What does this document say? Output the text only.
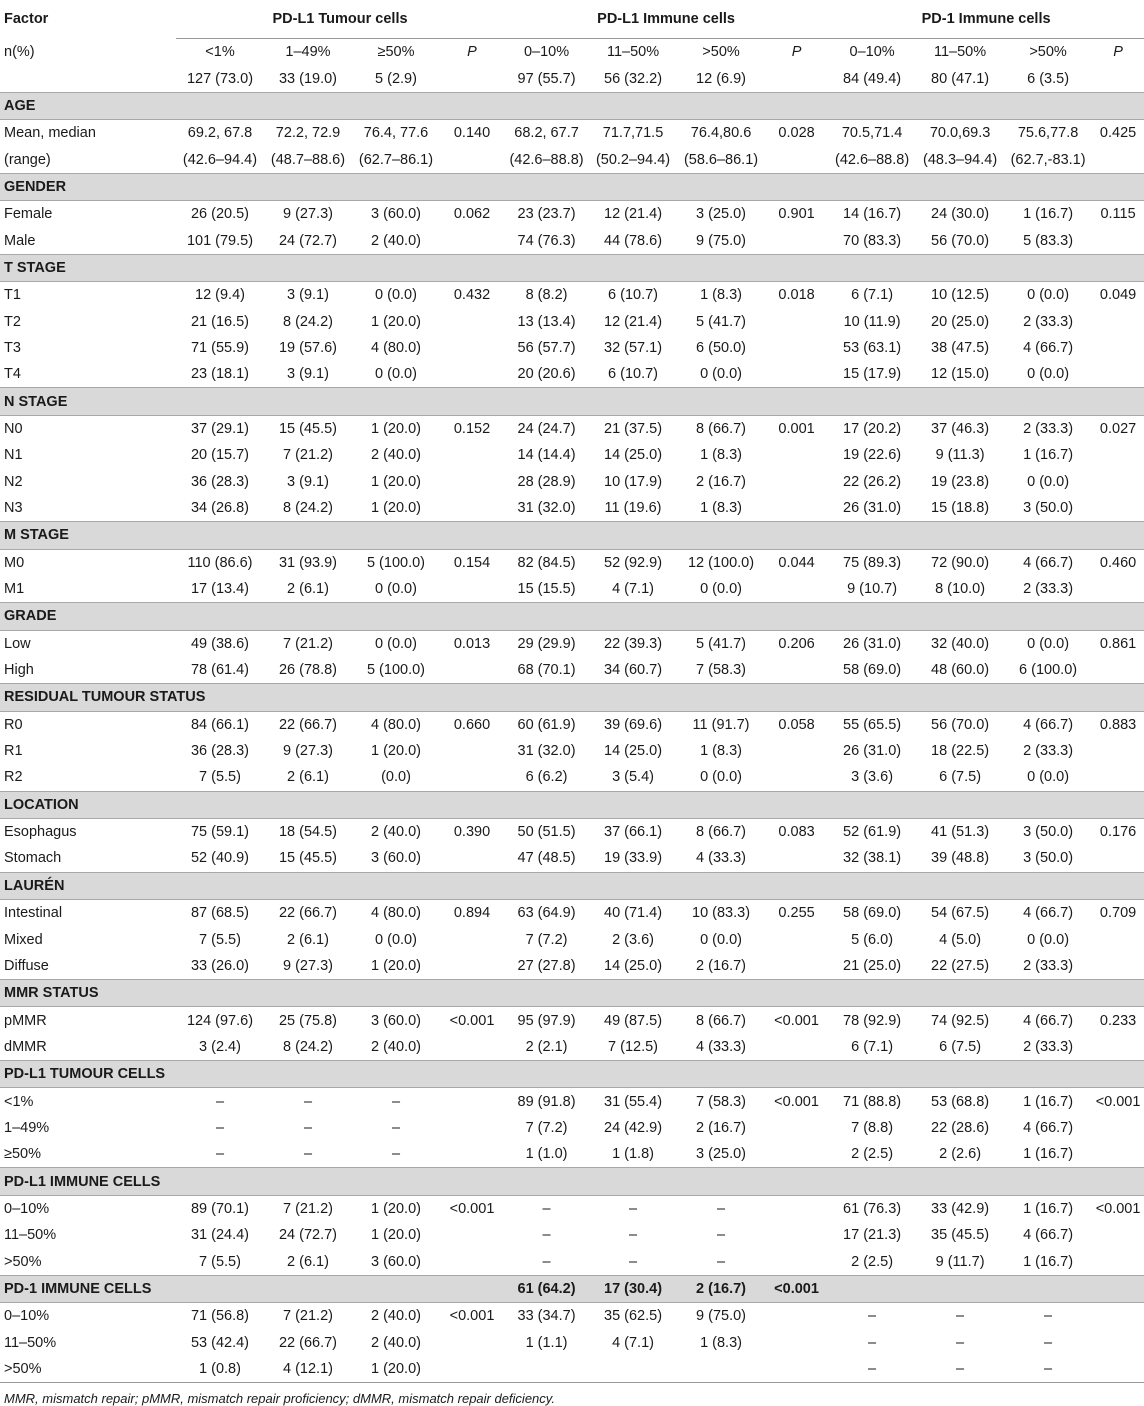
Factor	PD-L1 Tumour cells				PD-L1 Immune cells				PD-1 Immune cells			
n(%)	<1%	1–49%	≥50%	P	0–10%	11–50%	>50%	P	0–10%	11–50%	>50%	P
	127 (73.0)	33 (19.0)	5 (2.9)		97 (55.7)	56 (32.2)	12 (6.9)		84 (49.4)	80 (47.1)	6 (3.5)	
AGE												
Mean, median	69.2, 67.8	72.2, 72.9	76.4, 77.6	0.140	68.2, 67.7	71.7,71.5	76.4,80.6	0.028	70.5,71.4	70.0,69.3	75.6,77.8	0.425
(range)	(42.6–94.4)	(48.7–88.6)	(62.7–86.1)		(42.6–88.8)	(50.2–94.4)	(58.6–86.1)		(42.6–88.8)	(48.3–94.4)	(62.7,-83.1)	
GENDER												
Female	26 (20.5)	9 (27.3)	3 (60.0)	0.062	23 (23.7)	12 (21.4)	3 (25.0)	0.901	14 (16.7)	24 (30.0)	1 (16.7)	0.115
Male	101 (79.5)	24 (72.7)	2 (40.0)		74 (76.3)	44 (78.6)	9 (75.0)		70 (83.3)	56 (70.0)	5 (83.3)	
T STAGE												
T1	12 (9.4)	3 (9.1)	0 (0.0)	0.432	8 (8.2)	6 (10.7)	1 (8.3)	0.018	6 (7.1)	10 (12.5)	0 (0.0)	0.049
T2	21 (16.5)	8 (24.2)	1 (20.0)		13 (13.4)	12 (21.4)	5 (41.7)		10 (11.9)	20 (25.0)	2 (33.3)	
T3	71 (55.9)	19 (57.6)	4 (80.0)		56 (57.7)	32 (57.1)	6 (50.0)		53 (63.1)	38 (47.5)	4 (66.7)	
T4	23 (18.1)	3 (9.1)	0 (0.0)		20 (20.6)	6 (10.7)	0 (0.0)		15 (17.9)	12 (15.0)	0 (0.0)	
N STAGE												
N0	37 (29.1)	15 (45.5)	1 (20.0)	0.152	24 (24.7)	21 (37.5)	8 (66.7)	0.001	17 (20.2)	37 (46.3)	2 (33.3)	0.027
N1	20 (15.7)	7 (21.2)	2 (40.0)		14 (14.4)	14 (25.0)	1 (8.3)		19 (22.6)	9 (11.3)	1 (16.7)	
N2	36 (28.3)	3 (9.1)	1 (20.0)		28 (28.9)	10 (17.9)	2 (16.7)		22 (26.2)	19 (23.8)	0 (0.0)	
N3	34 (26.8)	8 (24.2)	1 (20.0)		31 (32.0)	11 (19.6)	1 (8.3)		26 (31.0)	15 (18.8)	3 (50.0)	
M STAGE												
M0	110 (86.6)	31 (93.9)	5 (100.0)	0.154	82 (84.5)	52 (92.9)	12 (100.0)	0.044	75 (89.3)	72 (90.0)	4 (66.7)	0.460
M1	17 (13.4)	2 (6.1)	0 (0.0)		15 (15.5)	4 (7.1)	0 (0.0)		9 (10.7)	8 (10.0)	2 (33.3)	
GRADE												
Low	49 (38.6)	7 (21.2)	0 (0.0)	0.013	29 (29.9)	22 (39.3)	5 (41.7)	0.206	26 (31.0)	32 (40.0)	0 (0.0)	0.861
High	78 (61.4)	26 (78.8)	5 (100.0)		68 (70.1)	34 (60.7)	7 (58.3)		58 (69.0)	48 (60.0)	6 (100.0)	
RESIDUAL TUMOUR STATUS												
R0	84 (66.1)	22 (66.7)	4 (80.0)	0.660	60 (61.9)	39 (69.6)	11 (91.7)	0.058	55 (65.5)	56 (70.0)	4 (66.7)	0.883
R1	36 (28.3)	9 (27.3)	1 (20.0)		31 (32.0)	14 (25.0)	1 (8.3)		26 (31.0)	18 (22.5)	2 (33.3)	
R2	7 (5.5)	2 (6.1)	(0.0)		6 (6.2)	3 (5.4)	0 (0.0)		3 (3.6)	6 (7.5)	0 (0.0)	
LOCATION												
Esophagus	75 (59.1)	18 (54.5)	2 (40.0)	0.390	50 (51.5)	37 (66.1)	8 (66.7)	0.083	52 (61.9)	41 (51.3)	3 (50.0)	0.176
Stomach	52 (40.9)	15 (45.5)	3 (60.0)		47 (48.5)	19 (33.9)	4 (33.3)		32 (38.1)	39 (48.8)	3 (50.0)	
LAURÉN												
Intestinal	87 (68.5)	22 (66.7)	4 (80.0)	0.894	63 (64.9)	40 (71.4)	10 (83.3)	0.255	58 (69.0)	54 (67.5)	4 (66.7)	0.709
Mixed	7 (5.5)	2 (6.1)	0 (0.0)		7 (7.2)	2 (3.6)	0 (0.0)		5 (6.0)	4 (5.0)	0 (0.0)	
Diffuse	33 (26.0)	9 (27.3)	1 (20.0)		27 (27.8)	14 (25.0)	2 (16.7)		21 (25.0)	22 (27.5)	2 (33.3)	
MMR STATUS												
pMMR	124 (97.6)	25 (75.8)	3 (60.0)	<0.001	95 (97.9)	49 (87.5)	8 (66.7)	<0.001	78 (92.9)	74 (92.5)	4 (66.7)	0.233
dMMR	3 (2.4)	8 (24.2)	2 (40.0)		2 (2.1)	7 (12.5)	4 (33.3)		6 (7.1)	6 (7.5)	2 (33.3)	
PD-L1 TUMOUR CELLS												
<1%	–	–	–		89 (91.8)	31 (55.4)	7 (58.3)	<0.001	71 (88.8)	53 (68.8)	1 (16.7)	<0.001
1–49%	–	–	–		7 (7.2)	24 (42.9)	2 (16.7)		7 (8.8)	22 (28.6)	4 (66.7)	
≥50%	–	–	–		1 (1.0)	1 (1.8)	3 (25.0)		2 (2.5)	2 (2.6)	1 (16.7)	
PD-L1 IMMUNE CELLS												
0–10%	89 (70.1)	7 (21.2)	1 (20.0)	<0.001	–	–	–		61 (76.3)	33 (42.9)	1 (16.7)	<0.001
11–50%	31 (24.4)	24 (72.7)	1 (20.0)		–	–	–		17 (21.3)	35 (45.5)	4 (66.7)	
>50%	7 (5.5)	2 (6.1)	3 (60.0)		–	–	–		2 (2.5)	9 (11.7)	1 (16.7)	
PD-1 IMMUNE CELLS					61 (64.2)	17 (30.4)	2 (16.7)	<0.001				
0–10%	71 (56.8)	7 (21.2)	2 (40.0)	<0.001	33 (34.7)	35 (62.5)	9 (75.0)		–	–	–	
11–50%	53 (42.4)	22 (66.7)	2 (40.0)		1 (1.1)	4 (7.1)	1 (8.3)		–	–	–	
>50%	1 (0.8)	4 (12.1)	1 (20.0)						–	–	–	
MMR, mismatch repair; pMMR, mismatch repair proficiency; dMMR, mismatch repair deficiency.
